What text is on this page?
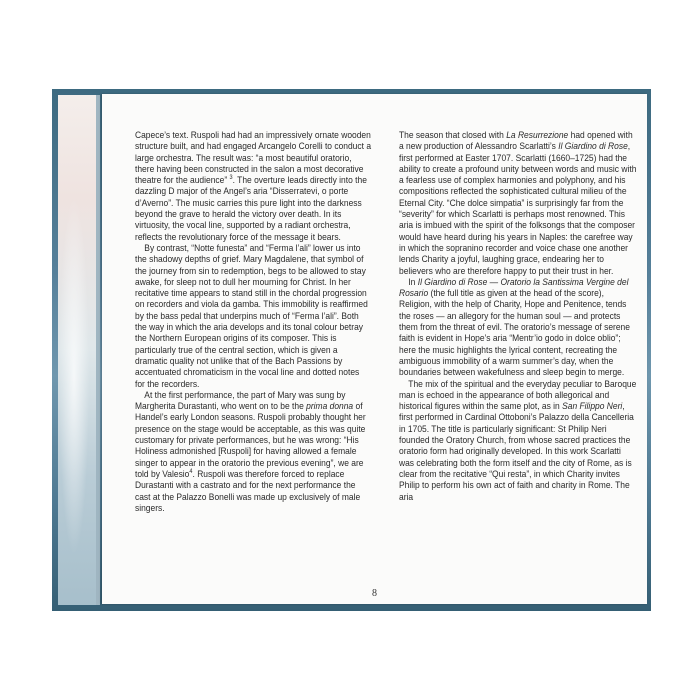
Capece’s text. Ruspoli had had an impressively ornate wooden structure built, and had engaged Arcangelo Corelli to conduct a large orchestra. The result was: “a most beautiful oratorio, there having been constructed in the salon a most decorative theatre for the audience” $^3$. The overture leads directly into the dazzling D major of the Angel’s aria “Disserratevi, o porte d’Averno”. The music carries this pure light into the darkness beyond the grave to herald the victory over death. In its virtuosity, the vocal line, supported by a radiant orchestra, reflects the revolutionary force of the message it bears.

By contrast, “Notte funesta” and “Ferma l’ali” lower us into the shadowy depths of grief. Mary Magdalene, that symbol of the journey from sin to redemption, begs to be allowed to stay awake, for sleep not to dull her mourning for Christ. In her recitative time appears to stand still in the chordal progression on recorders and viola da gamba. This immobility is reaffirmed by the bass pedal that underpins much of “Ferma l’ali”. Both the way in which the aria develops and its tonal colour betray the Northern European origins of its composer. This is particularly true of the central section, which is given a dramatic quality not unlike that of the Bach Passions by accentuated chromaticism in the vocal line and dotted notes for the recorders.

At the first performance, the part of Mary was sung by Margherita Durastanti, who went on to be the prima donna of Handel’s early London seasons. Ruspoli probably thought her presence on the stage would be acceptable, as this was quite customary for private performances, but he was wrong: “His Holiness admonished [Ruspoli] for having allowed a female singer to appear in the oratorio the previous evening”, we are told by Valesio$^4$. Ruspoli was therefore forced to replace Durastanti with a castrato and for the next performance the cast at the Palazzo Bonelli was made up exclusively of male singers.

The season that closed with La Resurrezione had opened with a new production of Alessandro Scarlatti’s Il Giardino di Rose, first performed at Easter 1707. Scarlatti (1660–1725) had the ability to create a profound unity between words and music with a fearless use of complex harmonies and polyphony, and his compositions reflected the sophisticated cultural milieu of the Eternal City. “Che dolce simpatia” is surprisingly far from the “severity” for which Scarlatti is perhaps most renowned. This aria is imbued with the spirit of the folksongs that the composer would have heard during his years in Naples: the carefree way in which the sopranino recorder and voice chase one another lends Charity a joyful, laughing grace, endearing her to believers who are therefore happy to put their trust in her.

In Il Giardino di Rose — Oratorio la Santissima Vergine del Rosario (the full title as given at the head of the score), Religion, with the help of Charity, Hope and Penitence, tends the roses — an allegory for the human soul — and protects them from the threat of evil. The oratorio’s message of serene faith is evident in Hope’s aria “Mentr’io godo in dolce oblio”; here the music highlights the lyrical content, recreating the ambiguous immobility of a warm summer’s day, when the boundaries between wakefulness and sleep begin to merge.

The mix of the spiritual and the everyday peculiar to Baroque man is echoed in the appearance of both allegorical and historical figures within the same plot, as in San Filippo Neri, first performed in Cardinal Ottoboni’s Palazzo della Cancelleria in 1705. The title is particularly significant: St Philip Neri founded the Oratory Church, from whose sacred practices the oratorio form had originally developed. In this work Scarlatti was celebrating both the form itself and the city of Rome, as is clear from the recitative “Qui resta”, in which Charity invites Philip to perform his own act of faith and charity in Rome. The aria

8
